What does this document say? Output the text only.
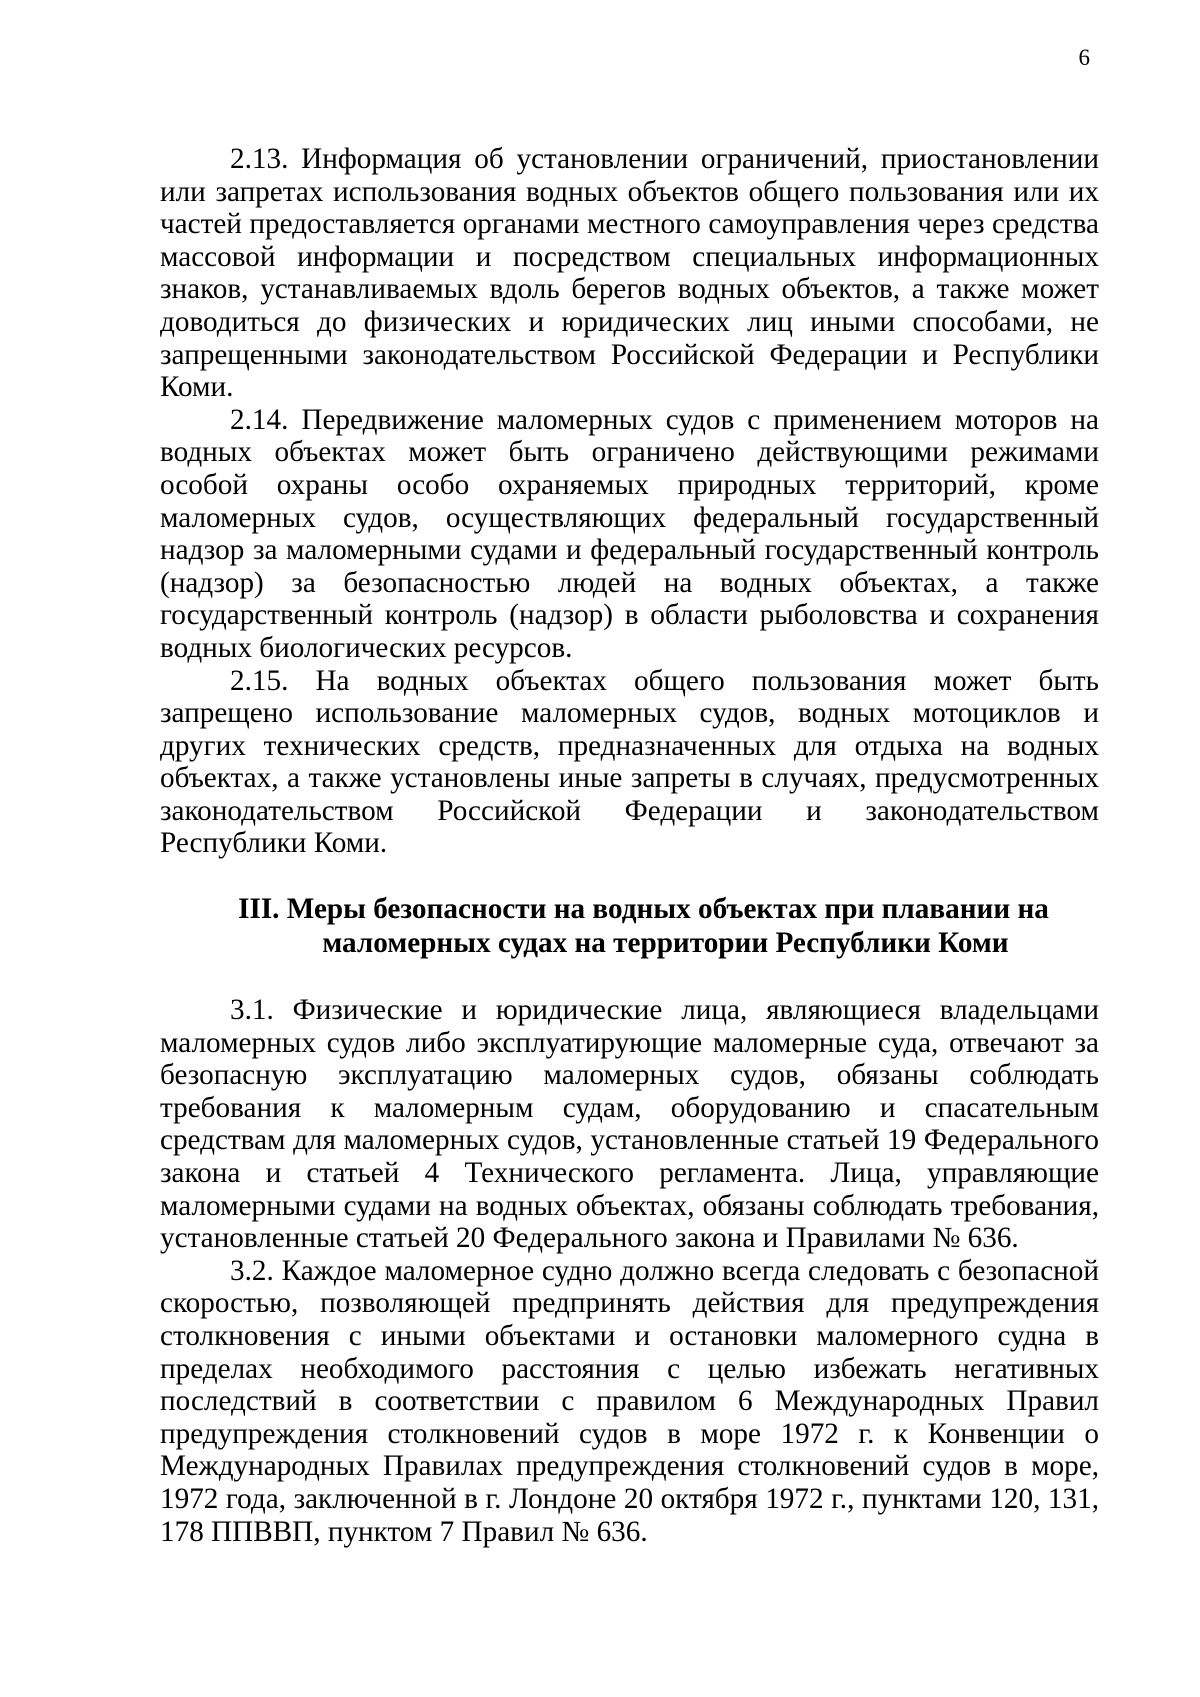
6

2.13. Информация об установлении ограничений, приостановлении или запретах использования водных объектов общего пользования или их частей предоставляется органами местного самоуправления через средства массовой информации и посредством специальных информационных знаков, устанавливаемых вдоль берегов водных объектов, а также может доводиться до физических и юридических лиц иными способами, не запрещенными законодательством Российской Федерации и Республики Коми.

2.14. Передвижение маломерных судов с применением моторов на водных объектах может быть ограничено действующими режимами особой охраны особо охраняемых природных территорий, кроме маломерных судов, осуществляющих федеральный государственный надзор за маломерными судами и федеральный государственный контроль (надзор) за безопасностью людей на водных объектах, а также государственный контроль (надзор) в области рыболовства и сохранения водных биологических ресурсов.

2.15. На водных объектах общего пользования может быть запрещено использование маломерных судов, водных мотоциклов и других технических средств, предназначенных для отдыха на водных объектах, а также установлены иные запреты в случаях, предусмотренных законодательством Российской Федерации и законодательством Республики Коми.

III. Меры безопасности на водных объектах при плавании на
маломерных судах на территории Республики Коми

3.1. Физические и юридические лица, являющиеся владельцами маломерных судов либо эксплуатирующие маломерные суда, отвечают за безопасную эксплуатацию маломерных судов, обязаны соблюдать требования к маломерным судам, оборудованию и спасательным средствам для маломерных судов, установленные статьей 19 Федерального закона и статьей 4 Технического регламента. Лица, управляющие маломерными судами на водных объектах, обязаны соблюдать требования, установленные статьей 20 Федерального закона и Правилами № 636.

3.2. Каждое маломерное судно должно всегда следовать с безопасной скоростью, позволяющей предпринять действия для предупреждения столкновения с иными объектами и остановки маломерного судна в пределах необходимого расстояния с целью избежать негативных последствий в соответствии с правилом 6 Международных Правил предупреждения столкновений судов в море 1972 г. к Конвенции о Международных Правилах предупреждения столкновений судов в море, 1972 года, заключенной в г. Лондоне 20 октября 1972 г., пунктами 120, 131, 178 ППВВП, пунктом 7 Правил № 636.
